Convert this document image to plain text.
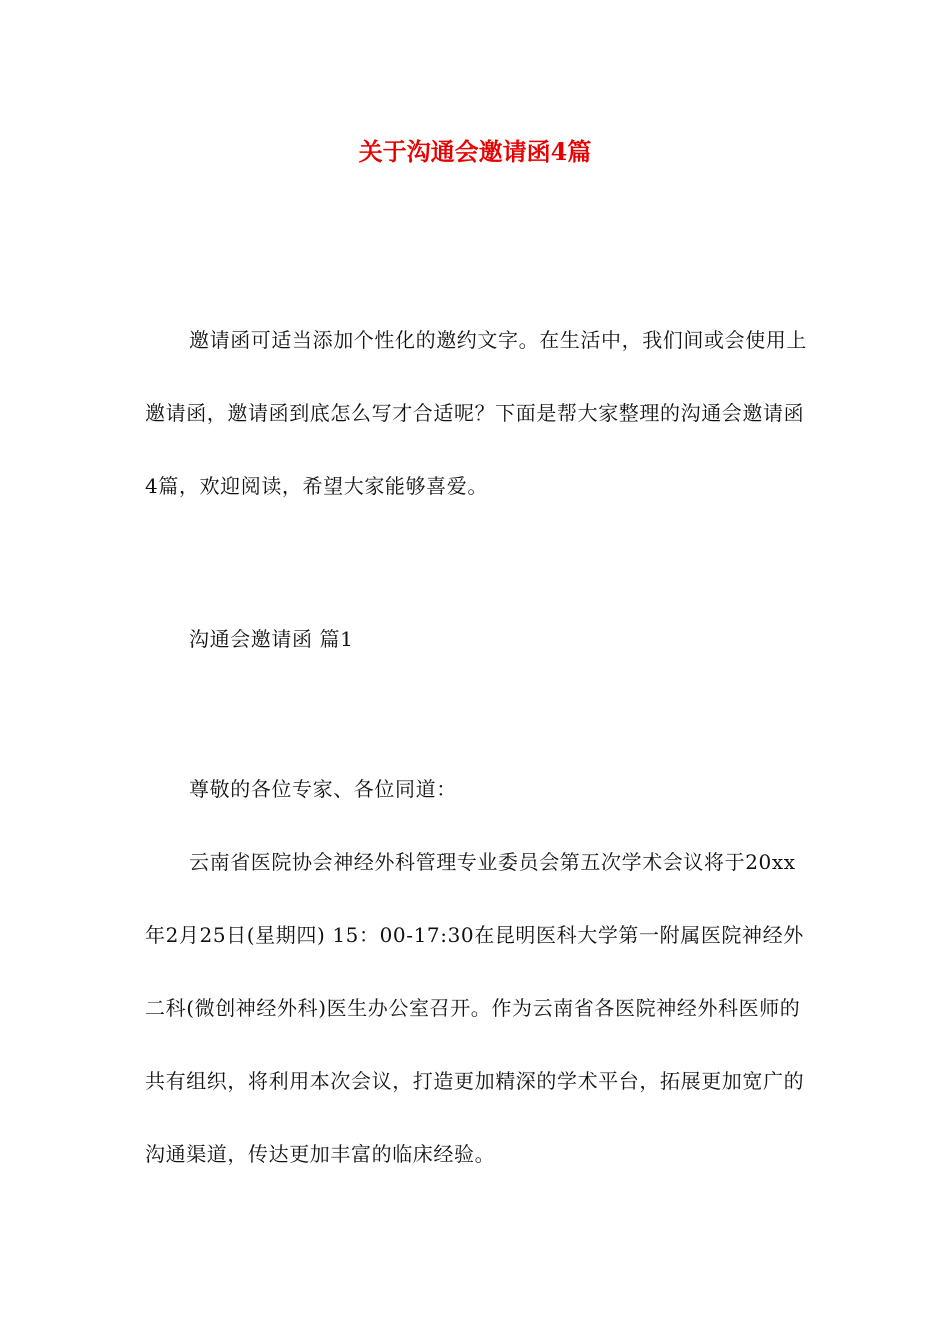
关于沟通会邀请函4篇

邀请函可适当添加个性化的邀约文字。在生活中，我们间或会使用上邀请函，邀请函到底怎么写才合适呢？下面是帮大家整理的沟通会邀请函4篇，欢迎阅读，希望大家能够喜爱。

沟通会邀请函 篇1

尊敬的各位专家、各位同道：

云南省医院协会神经外科管理专业委员会第五次学术会议将于20xx年2月25日(星期四) 15：00-17:30在昆明医科大学第一附属医院神经外二科(微创神经外科)医生办公室召开。作为云南省各医院神经外科医师的共有组织，将利用本次会议，打造更加精深的学术平台，拓展更加宽广的沟通渠道，传达更加丰富的临床经验。
